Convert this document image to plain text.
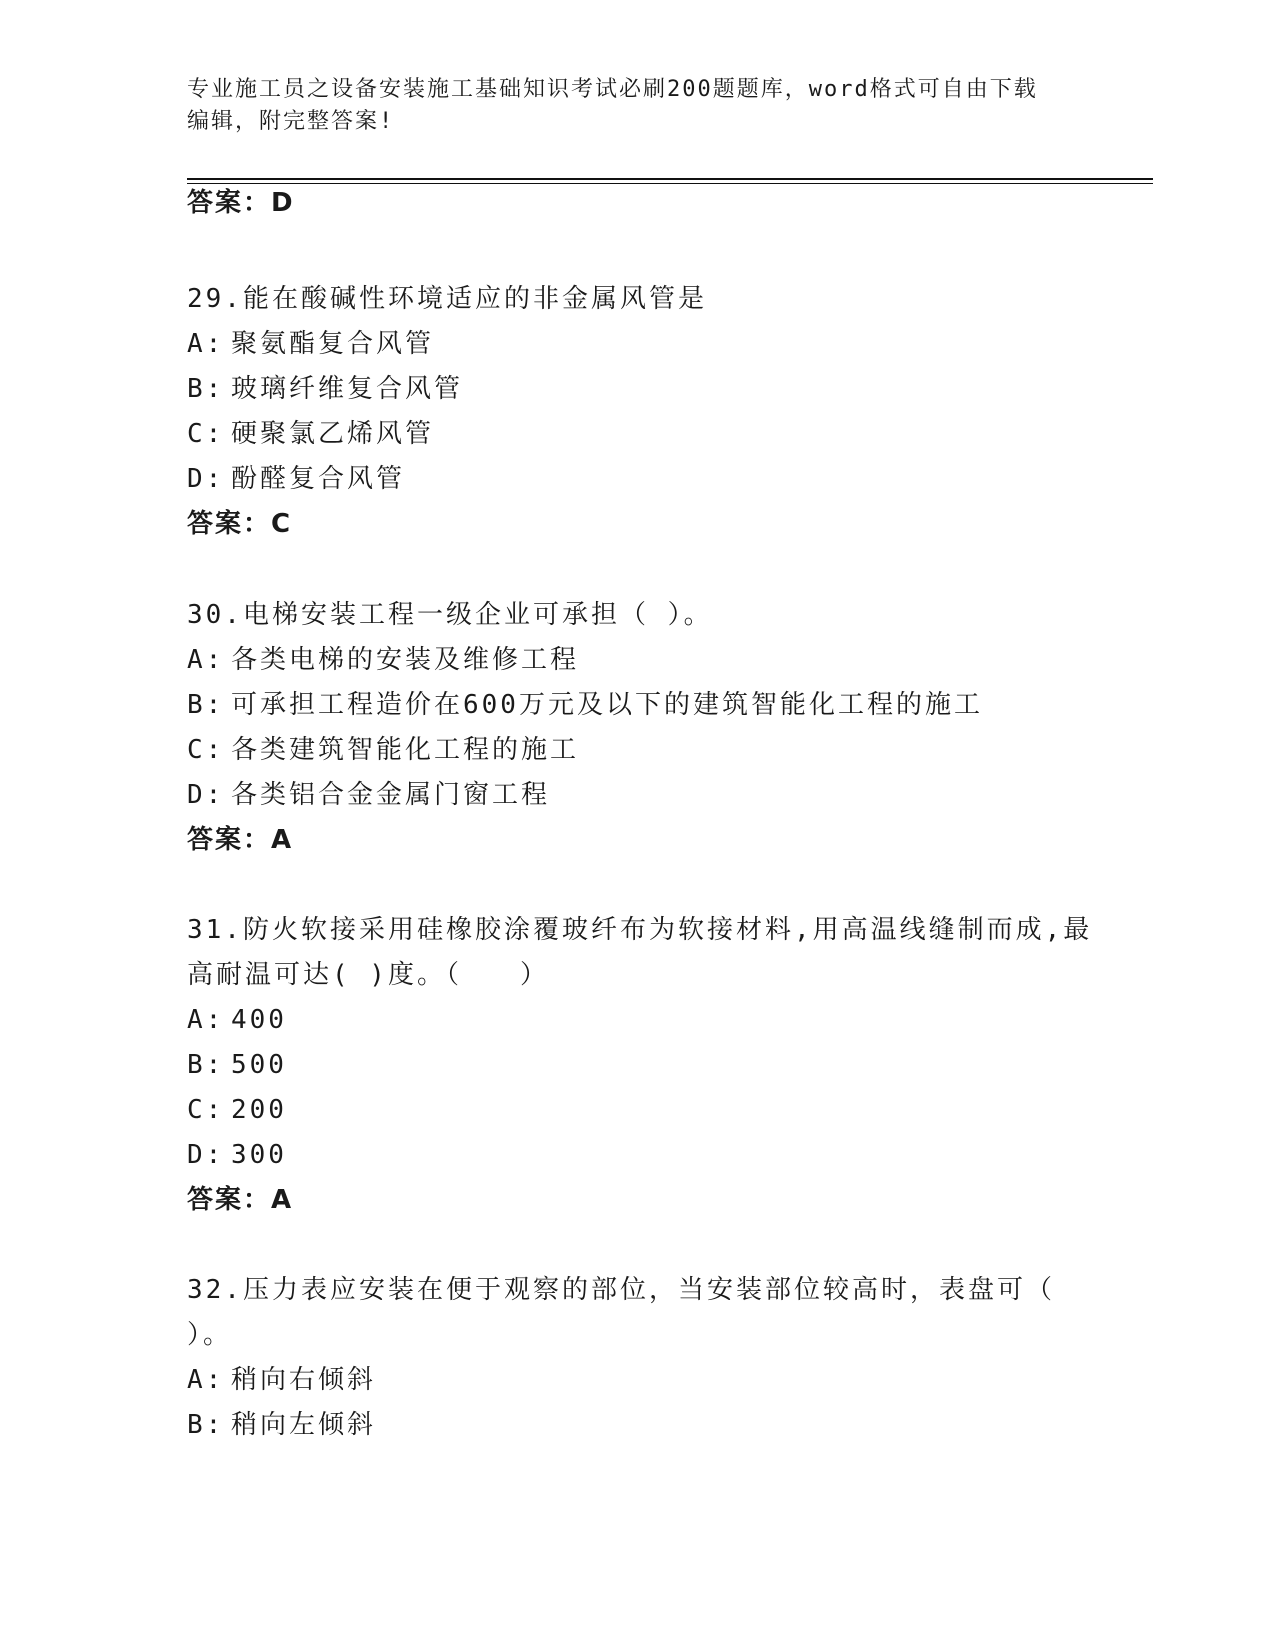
专业施工员之设备安装施工基础知识考试必刷200题题库，word格式可自由下载
编辑，附完整答案!
答案：D
29.能在酸碱性环境适应的非金属风管是
A: 聚氨酯复合风管
B: 玻璃纤维复合风管
C: 硬聚氯乙烯风管
D: 酚醛复合风管
答案：C
30.电梯安装工程一级企业可承担（ ）。
A: 各类电梯的安装及维修工程
B: 可承担工程造价在600万元及以下的建筑智能化工程的施工
C: 各类建筑智能化工程的施工
D: 各类铝合金金属门窗工程
答案：A
31.防火软接采用硅橡胶涂覆玻纤布为软接材料,用高温线缝制而成,最
高耐温可达( )度。（　　）
A: 400
B: 500
C: 200
D: 300
答案：A
32.压力表应安装在便于观察的部位，当安装部位较高时，表盘可（
）。
A: 稍向右倾斜
B: 稍向左倾斜
